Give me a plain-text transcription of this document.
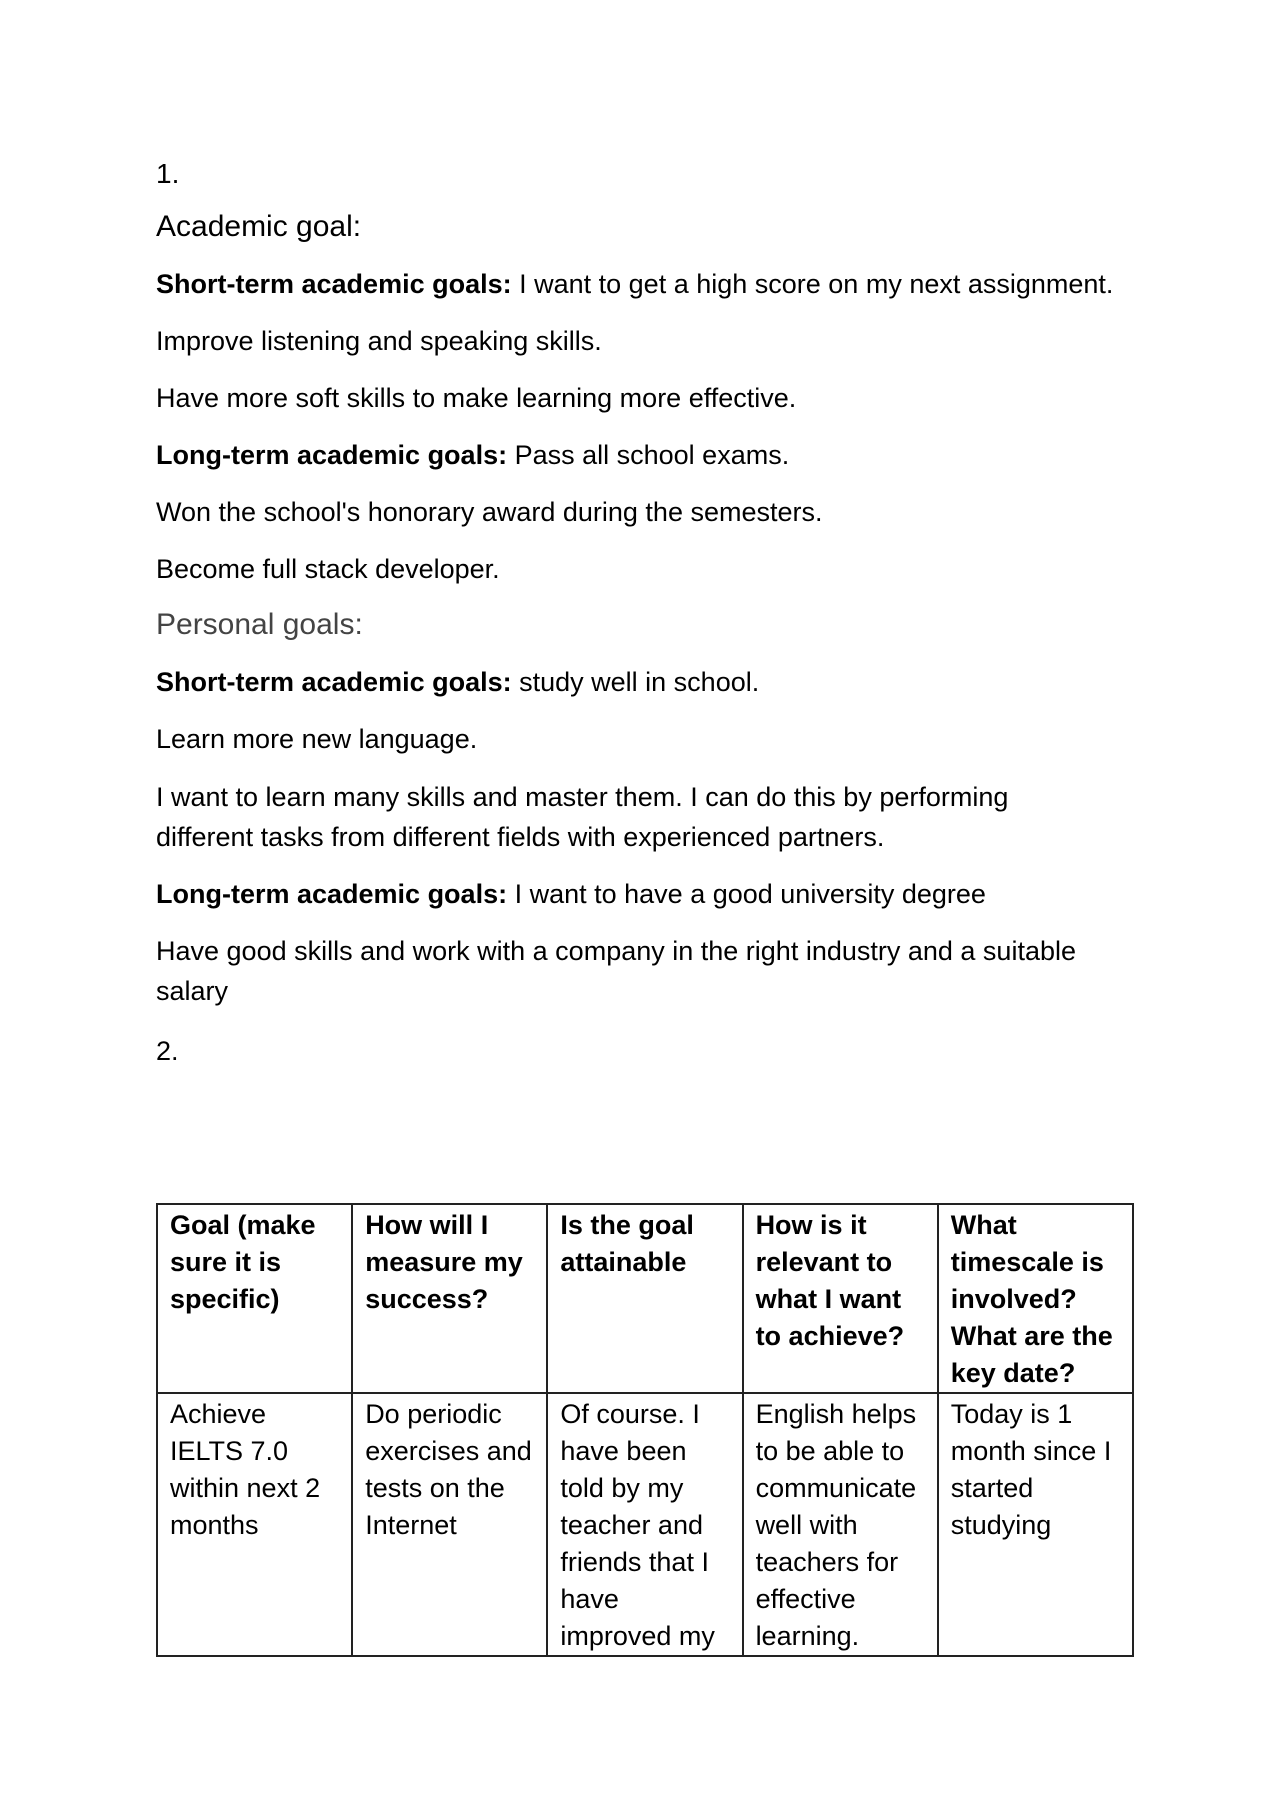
1.
Academic goal:
Short-term academic goals: I want to get a high score on my next assignment.
Improve listening and speaking skills.
Have more soft skills to make learning more effective.
Long-term academic goals: Pass all school exams.
Won the school's honorary award during the semesters.
Become full stack developer.
Personal goals:
Short-term academic goals: study well in school.
Learn more new language.
I want to learn many skills and master them. I can do this by performing different tasks from different fields with experienced partners.
Long-term academic goals: I want to have a good university degree
Have good skills and work with a company in the right industry and a suitable salary
2.
Goal (make sure it is specific)	How will I measure my success?	Is the goal attainable	How is it relevant to what I want to achieve?	What timescale is involved?What are the key date?
Achieve IELTS 7.0 within next 2 months	Do periodic exercises and tests on the Internet	Of course. I have been told by my teacher and friends that I have improved my	English helps to be able to communicate well with teachers for effective learning.	Today is 1 month since I started studying
